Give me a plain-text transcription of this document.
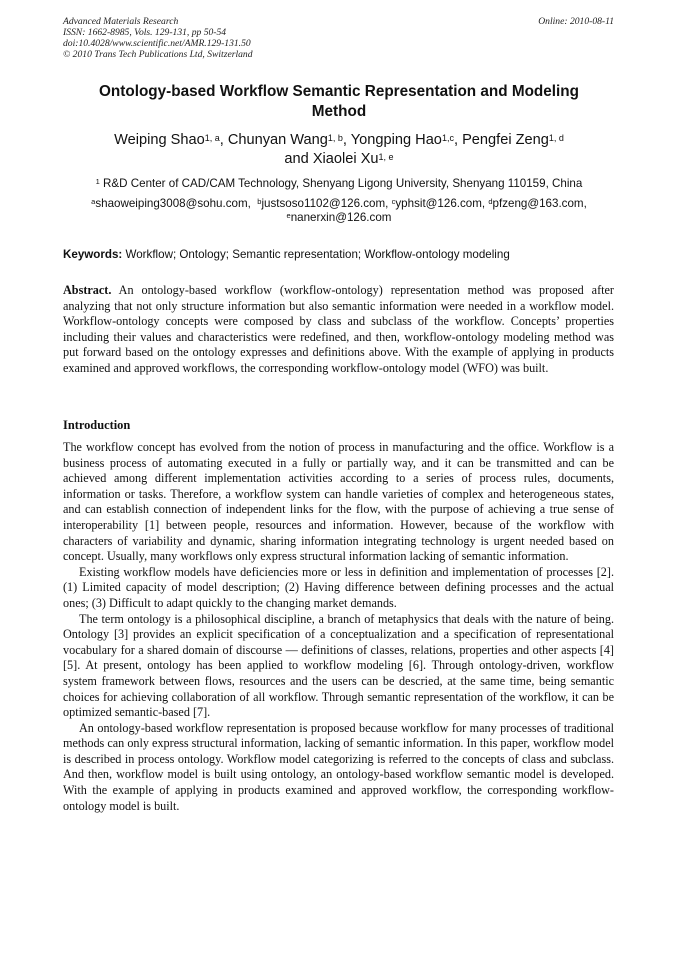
Advanced Materials Research
ISSN: 1662-8985, Vols. 129-131, pp 50-54
doi:10.4028/www.scientific.net/AMR.129-131.50
© 2010 Trans Tech Publications Ltd, Switzerland
Online: 2010-08-11
Ontology-based Workflow Semantic Representation and Modeling Method
Weiping Shao$^{1, a}$, Chunyan Wang$^{1, b}$, Yongping Hao$^{1,c}$, Pengfei Zeng$^{1, d}$
and Xiaolei Xu$^{1, e}$
$^1$ R&D Center of CAD/CAM Technology, Shenyang Ligong University, Shenyang 110159, China
$^a$shaoweiping3008@sohu.com,  $^b$justsoso1102@126.com, $^c$yphsit@126.com, $^d$pfzeng@163.com,
$^e$nanerxin@126.com
Keywords: Workflow; Ontology; Semantic representation; Workflow-ontology modeling
Abstract. An ontology-based workflow (workflow-ontology) representation method was proposed after analyzing that not only structure information but also semantic information were needed in a workflow model. Workflow-ontology concepts were composed by class and subclass of the workflow. Concepts’ properties including their values and characteristics were redefined, and then, workflow-ontology modeling method was put forward based on the ontology expresses and definitions above. With the example of applying in products examined and approved workflows, the corresponding workflow-ontology model (WFO) was built.
Introduction

The workflow concept has evolved from the notion of process in manufacturing and the office. Workflow is a business process of automating executed in a fully or partially way, and it can be transmitted and can be achieved among different implementation activities according to a series of process rules, documents, information or tasks. Therefore, a workflow system can handle varieties of complex and heterogeneous states, and can establish connection of independent links for the flow, with the purpose of achieving a true sense of interoperability [1] between people, resources and information. However, because of the workflow with characters of variability and dynamic, sharing information integrating technology is urgent needed based on concept. Usually, many workflows only express structural information lacking of semantic information.

Existing workflow models have deficiencies more or less in definition and implementation of processes [2]. (1) Limited capacity of model description; (2) Having difference between defining processes and the actual ones; (3) Difficult to adapt quickly to the changing market demands.

The term ontology is a philosophical discipline, a branch of metaphysics that deals with the nature of being. Ontology [3] provides an explicit specification of a conceptualization and a specification of representational vocabulary for a shared domain of discourse — definitions of classes, relations, properties and other aspects [4] [5]. At present, ontology has been applied to workflow modeling [6]. Through ontology-driven, workflow system framework between flows, resources and the users can be descried, at the same time, being semantic choices for achieving collaboration of all workflow. Through semantic representation of the workflow, it can be optimized semantic-based [7].

An ontology-based workflow representation is proposed because workflow for many processes of traditional methods can only express structural information, lacking of semantic information. In this paper, workflow model is described in process ontology. Workflow model categorizing is referred to the concepts of class and subclass. And then, workflow model is built using ontology, an ontology-based workflow semantic model is developed. With the example of applying in products examined and approved workflow, the corresponding workflow-ontology model is built.
